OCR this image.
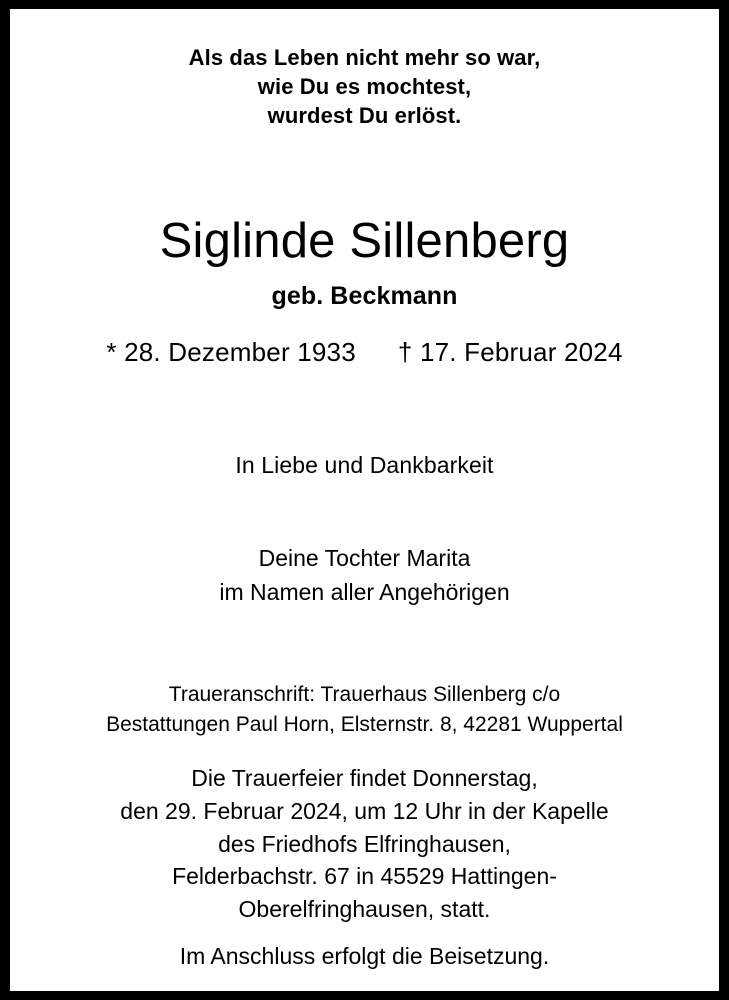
Als das Leben nicht mehr so war,
wie Du es mochtest,
wurdest Du erlöst.
Siglinde Sillenberg
geb. Beckmann
* 28. Dezember 1933 † 17. Februar 2024
In Liebe und Dankbarkeit
Deine Tochter Marita
im Namen aller Angehörigen
Traueranschrift: Trauerhaus Sillenberg c/o
Bestattungen Paul Horn, Elsternstr. 8, 42281 Wuppertal
Die Trauerfeier findet Donnerstag,
den 29. Februar 2024, um 12 Uhr in der Kapelle
des Friedhofs Elfringhausen,
Felderbachstr. 67 in 45529 Hattingen-
Oberelfringhausen, statt.
Im Anschluss erfolgt die Beisetzung.
